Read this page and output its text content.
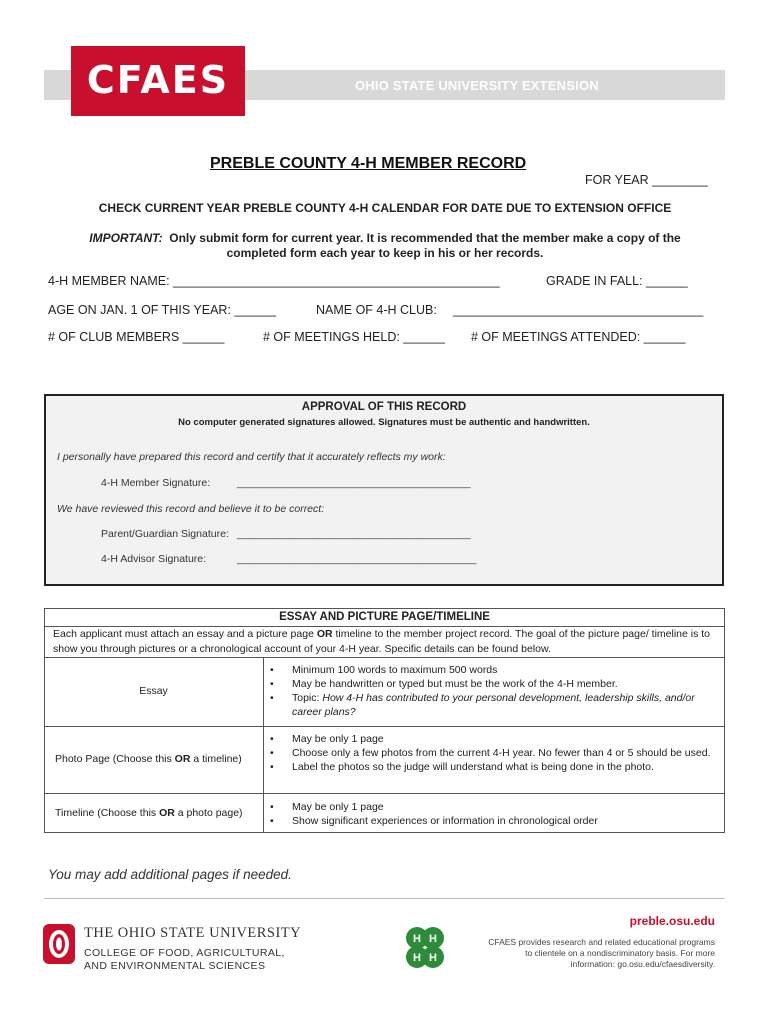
OHIO STATE UNIVERSITY EXTENSION
CFAES
PREBLE COUNTY 4-H MEMBER RECORD
FOR YEAR ________
CHECK CURRENT YEAR PREBLE COUNTY 4-H CALENDAR FOR DATE DUE TO EXTENSION OFFICE
IMPORTANT: Only submit form for current year. It is recommended that the member make a copy of the completed form each year to keep in his or her records.
4-H MEMBER NAME: _______________________________________________	GRADE IN FALL: ______
AGE ON JAN. 1 OF THIS YEAR: ______	NAME OF 4-H CLUB: ____________________________________
# OF CLUB MEMBERS ______	# OF MEETINGS HELD: ______ # OF MEETINGS ATTENDED: ______
APPROVAL OF THIS RECORD
No computer generated signatures allowed. Signatures must be authentic and handwritten.
I personally have prepared this record and certify that it accurately reflects my work:
4-H Member Signature:	________________________________________
We have reviewed this record and believe it to be correct:
Parent/Guardian Signature: ________________________________________
4-H Advisor Signature:	_________________________________________
ESSAY AND PICTURE PAGE/TIMELINE
Each applicant must attach an essay and a picture page OR timeline to the member project record. The goal of the picture page/ timeline is to show you through pictures or a chronological account of your 4-H year. Specific details can be found below.
Essay
• Minimum 100 words to maximum 500 words
• May be handwritten or typed but must be the work of the 4-H member.
• Topic: How 4-H has contributed to your personal development, leadership skills, and/or career plans?
Photo Page (Choose this OR a timeline)
• May be only 1 page
• Choose only a few photos from the current 4-H year. No fewer than 4 or 5 should be used.
• Label the photos so the judge will understand what is being done in the photo.
Timeline (Choose this OR a photo page)
•	May be only 1 page
• Show significant experiences or information in chronological order
You may add additional pages if needed.
THE OHIO STATE UNIVERSITY
COLLEGE OF FOOD, AGRICULTURAL,
AND ENVIRONMENTAL SCIENCES
H H
H H
preble.osu.edu
CFAES provides research and related educational programs to clientele on a nondiscriminatory basis. For more information: go.osu.edu/cfaesdiversity.
